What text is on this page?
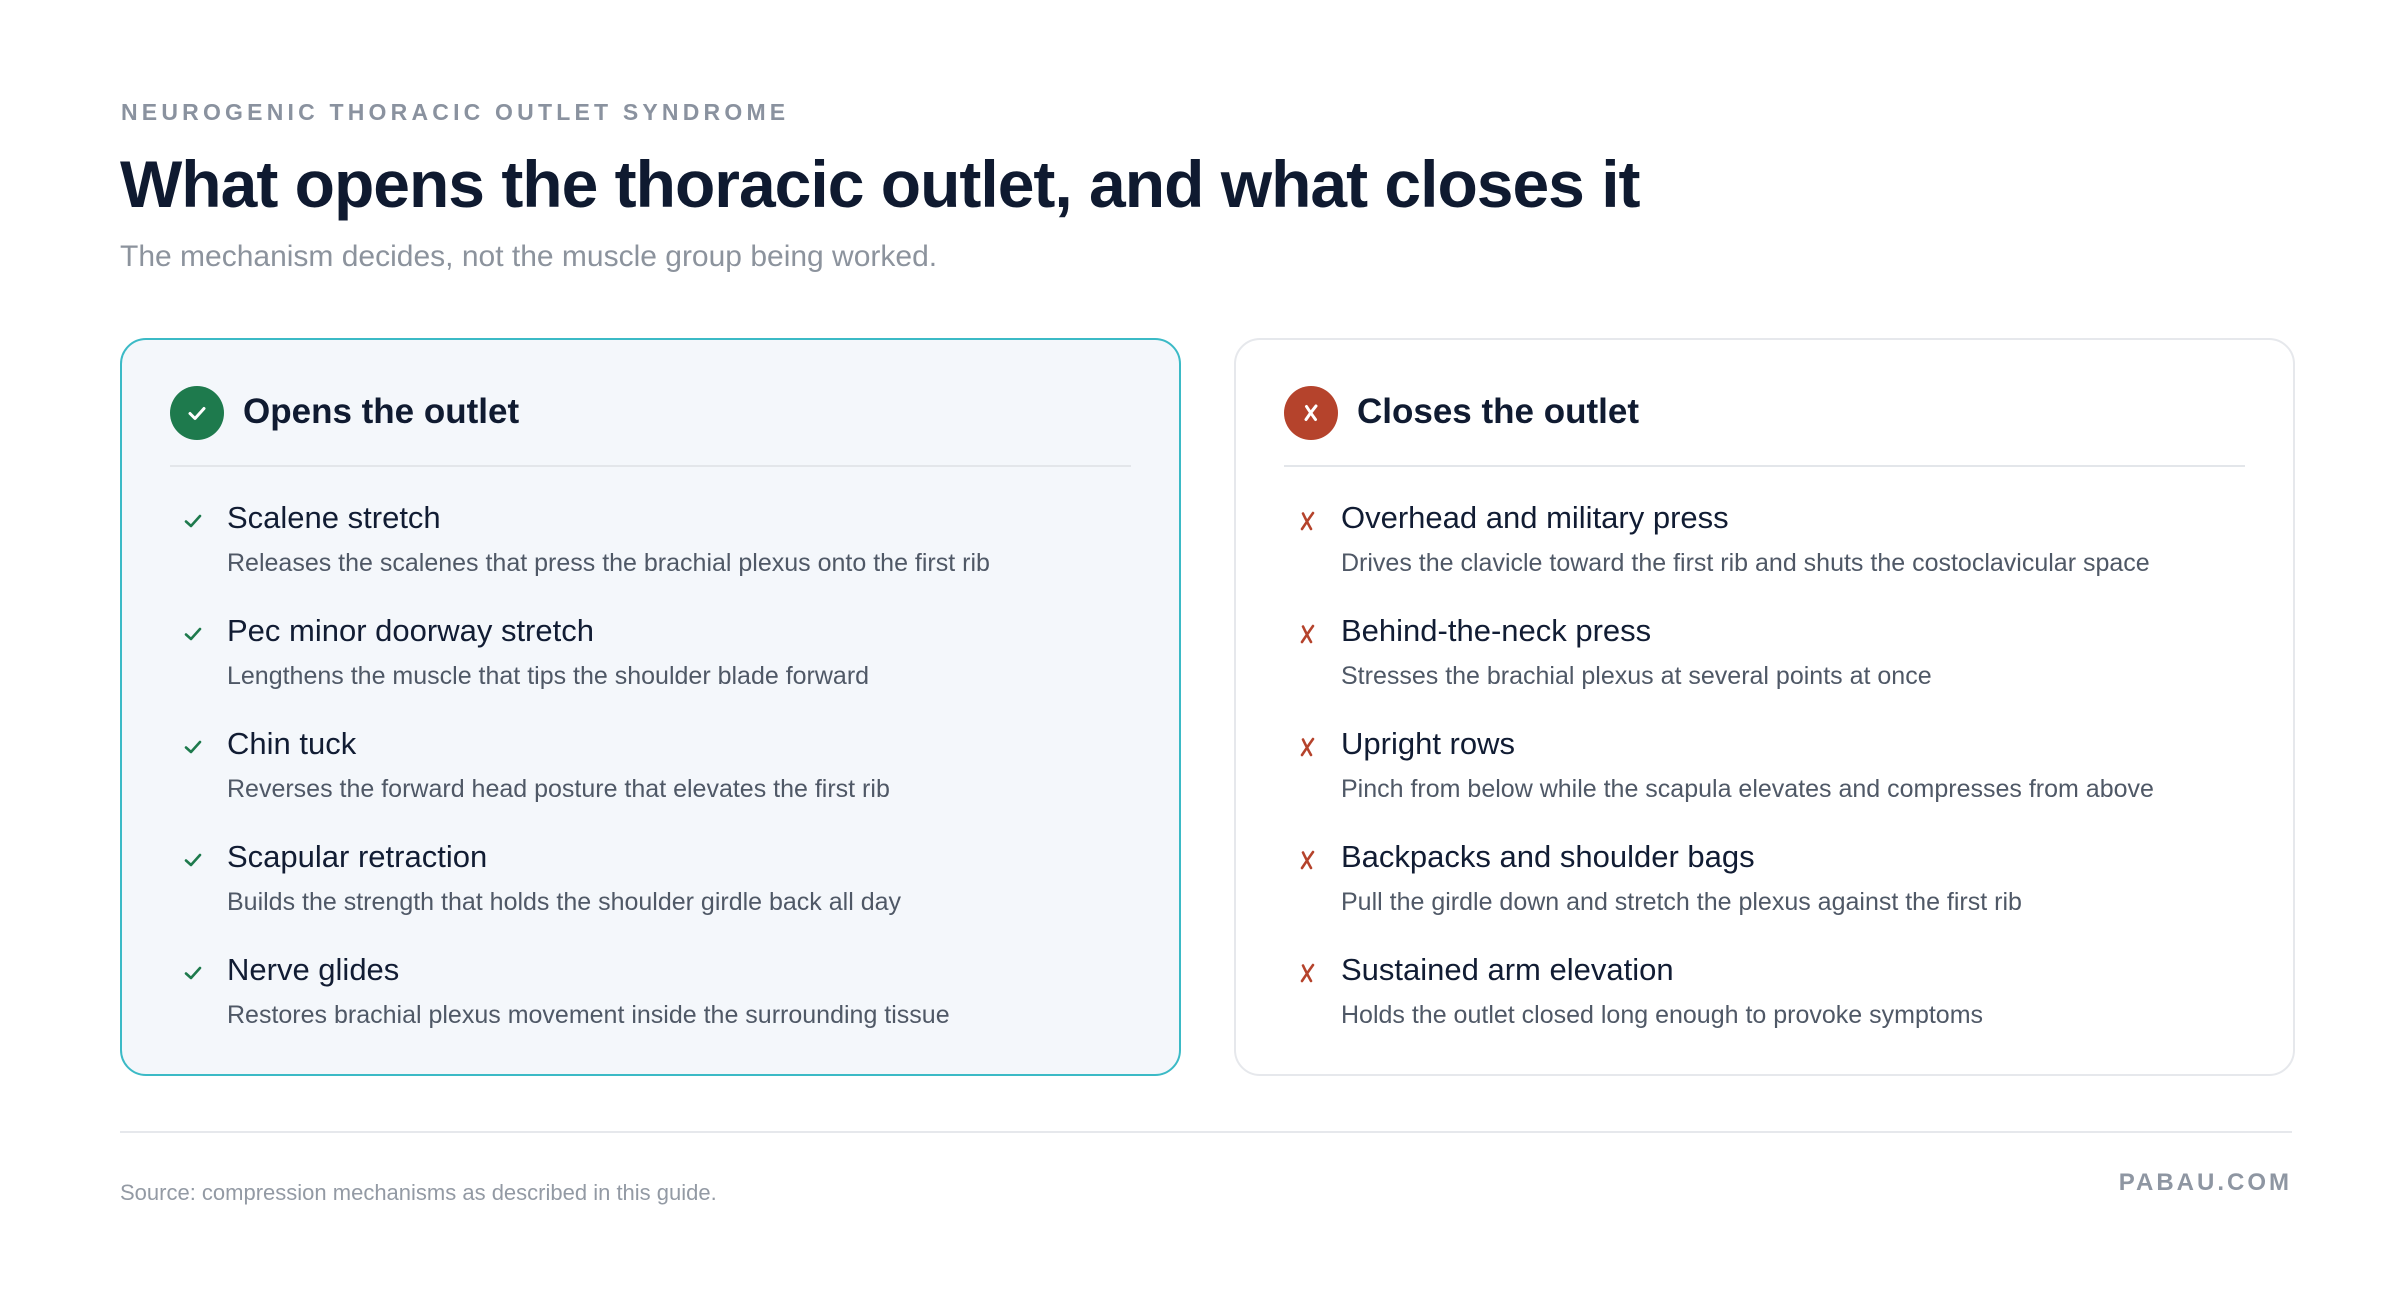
NEUROGENIC THORACIC OUTLET SYNDROME
What opens the thoracic outlet, and what closes it
The mechanism decides, not the muscle group being worked.
Opens the outlet
Scalene stretch
Releases the scalenes that press the brachial plexus onto the first rib
Pec minor doorway stretch
Lengthens the muscle that tips the shoulder blade forward
Chin tuck
Reverses the forward head posture that elevates the first rib
Scapular retraction
Builds the strength that holds the shoulder girdle back all day
Nerve glides
Restores brachial plexus movement inside the surrounding tissue
Closes the outlet
Overhead and military press
Drives the clavicle toward the first rib and shuts the costoclavicular space
Behind-the-neck press
Stresses the brachial plexus at several points at once
Upright rows
Pinch from below while the scapula elevates and compresses from above
Backpacks and shoulder bags
Pull the girdle down and stretch the plexus against the first rib
Sustained arm elevation
Holds the outlet closed long enough to provoke symptoms
Source: compression mechanisms as described in this guide.	PABAU.COM
